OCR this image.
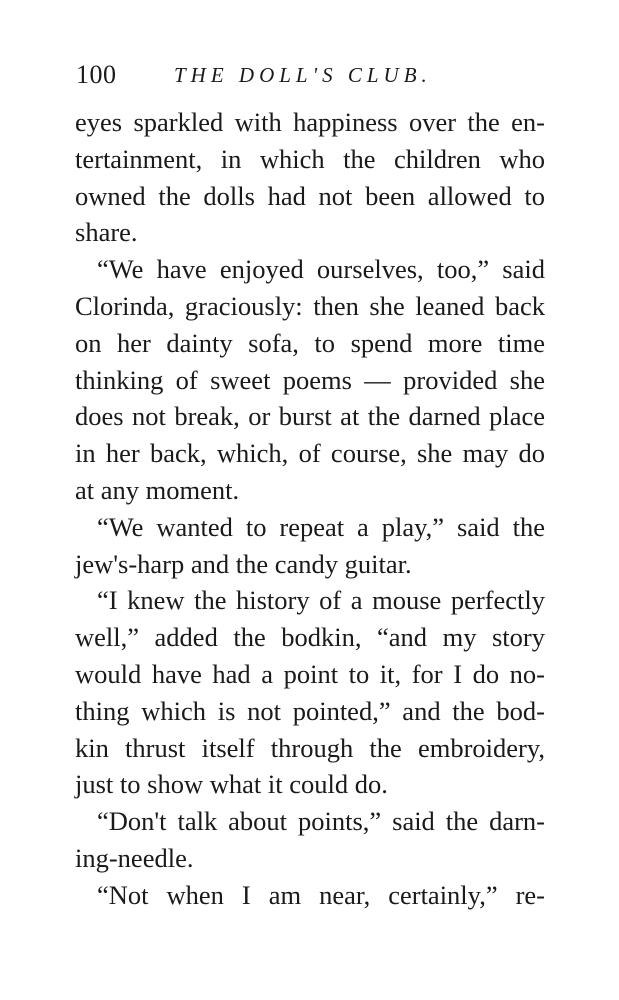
100	THE DOLL'S CLUB.
eyes sparkled with happiness over the en-
tertainment, in which the children who
owned the dolls had not been allowed to
share.
“We have enjoyed ourselves, too,” said
Clorinda, graciously: then she leaned back
on her dainty sofa, to spend more time
thinking of sweet poems — provided she
does not break, or burst at the darned place
in her back, which, of course, she may do
at any moment.
“We wanted to repeat a play,” said the
jew's-harp and the candy guitar.
“I knew the history of a mouse perfectly
well,” added the bodkin, “and my story
would have had a point to it, for I do no-
thing which is not pointed,” and the bod-
kin thrust itself through the embroidery,
just to show what it could do.
“Don't talk about points,” said the darn-
ing-needle.
“Not when I am near, certainly,” re-
